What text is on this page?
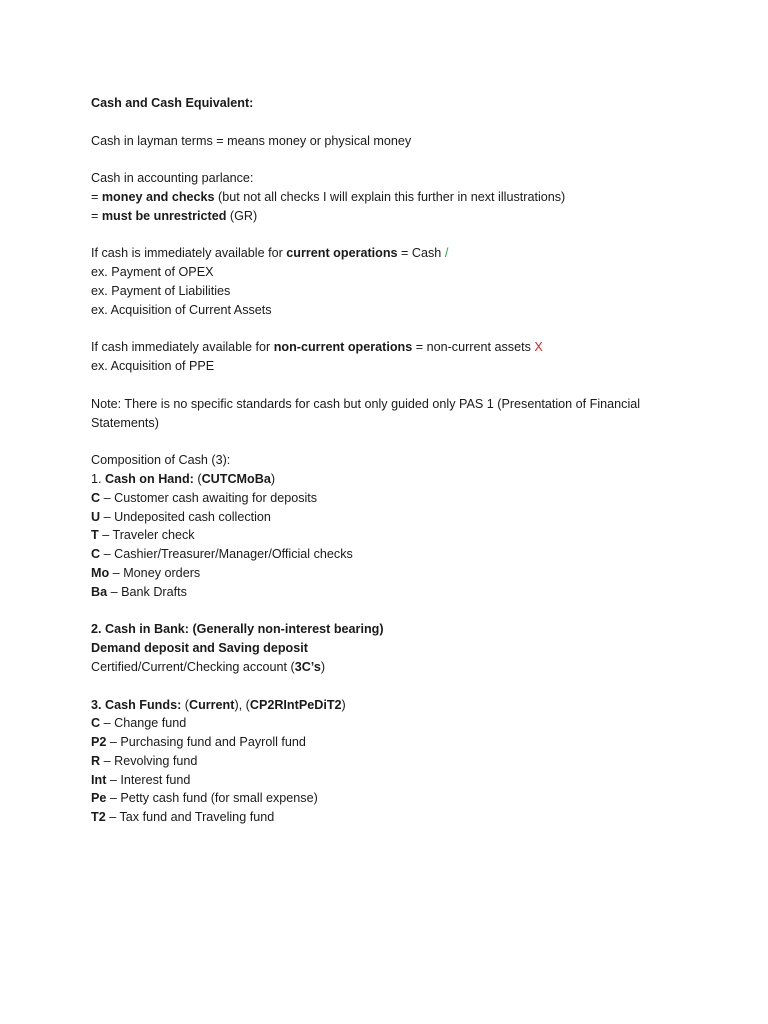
Cash and Cash Equivalent:
Cash in layman terms = means money or physical money
Cash in accounting parlance:
= money and checks (but not all checks I will explain this further in next illustrations)
= must be unrestricted (GR)
If cash is immediately available for current operations = Cash /
ex. Payment of OPEX
ex. Payment of Liabilities
ex. Acquisition of Current Assets
If cash immediately available for non-current operations = non-current assets X
ex. Acquisition of PPE
Note: There is no specific standards for cash but only guided only PAS 1 (Presentation of Financial Statements)
Composition of Cash (3):
1. Cash on Hand: (CUTCMoBa)
C – Customer cash awaiting for deposits
U – Undeposited cash collection
T – Traveler check
C – Cashier/Treasurer/Manager/Official checks
Mo – Money orders
Ba – Bank Drafts
2. Cash in Bank: (Generally non-interest bearing)
Demand deposit and Saving deposit
Certified/Current/Checking account (3C’s)
3. Cash Funds: (Current), (CP2RIntPeDiT2)
C – Change fund
P2 – Purchasing fund and Payroll fund
R – Revolving fund
Int – Interest fund
Pe – Petty cash fund (for small expense)
T2 – Tax fund and Traveling fund
